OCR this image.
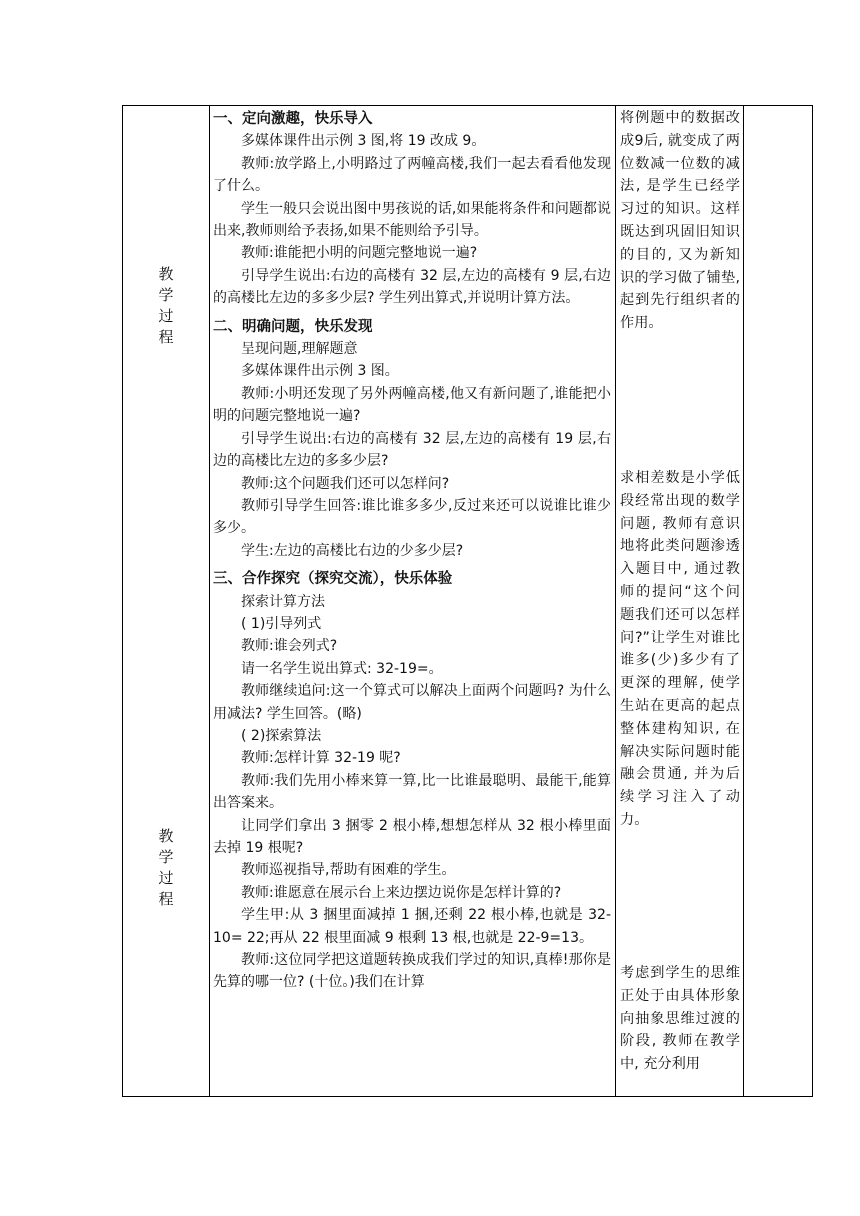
教
学
过
程
教
学
过
程

一、定向激趣，快乐导入

多媒体课件出示例 3 图,将 19 改成 9。

教师:放学路上,小明路过了两幢高楼,我们一起去看看他发现了什么。

学生一般只会说出图中男孩说的话,如果能将条件和问题都说出来,教师则给予表扬,如果不能则给予引导。

教师:谁能把小明的问题完整地说一遍?

引导学生说出:右边的高楼有 32 层,左边的高楼有 9 层,右边的高楼比左边的多多少层? 学生列出算式,并说明计算方法。

二、明确问题，快乐发现

呈现问题,理解题意

多媒体课件出示例 3 图。

教师:小明还发现了另外两幢高楼,他又有新问题了,谁能把小明的问题完整地说一遍?

引导学生说出:右边的高楼有 32 层,左边的高楼有 19 层,右边的高楼比左边的多多少层?

教师:这个问题我们还可以怎样问?

教师引导学生回答:谁比谁多多少,反过来还可以说谁比谁少多少。

学生:左边的高楼比右边的少多少层?

三、合作探究（探究交流），快乐体验

探索计算方法

( 1)引导列式

教师:谁会列式?

请一名学生说出算式: 32-19=。

教师继续追问:这一个算式可以解决上面两个问题吗? 为什么用减法? 学生回答。(略)

( 2)探索算法

教师:怎样计算 32-19 呢?

教师:我们先用小棒来算一算,比一比谁最聪明、最能干,能算出答案来。

让同学们拿出 3 捆零 2 根小棒,想想怎样从 32 根小棒里面去掉 19 根呢?

教师巡视指导,帮助有困难的学生。

教师:谁愿意在展示台上来边摆边说你是怎样计算的?

学生甲:从 3 捆里面减掉 1 捆,还剩 22 根小棒,也就是 32-10= 22;再从 22 根里面减 9 根剩 13 根,也就是 22-9=13。

教师:这位同学把这道题转换成我们学过的知识,真棒!那你是 先算的哪一位? (十位。)我们在计算

将例题中的数据改成9后, 就变成了两位数减一位数的减法, 是学生已经学习过的知识。这样既达到巩固旧知识的目的, 又为新知识的学习做了铺垫, 起到先行组织者的作用。
求相差数是小学低段经常出现的数学问题, 教师有意识地将此类问题渗透入题目中, 通过教师的提问“这个问题我们还可以怎样问?”让学生对谁比谁多(少)多少有了更深的理解, 使学生站在更高的起点整体建构知识, 在解决实际问题时能融会贯通, 并为后续学习注入了动力。
考虑到学生的思维正处于由具体形象向抽象思维过渡的阶段, 教师在教学中, 充分利用
